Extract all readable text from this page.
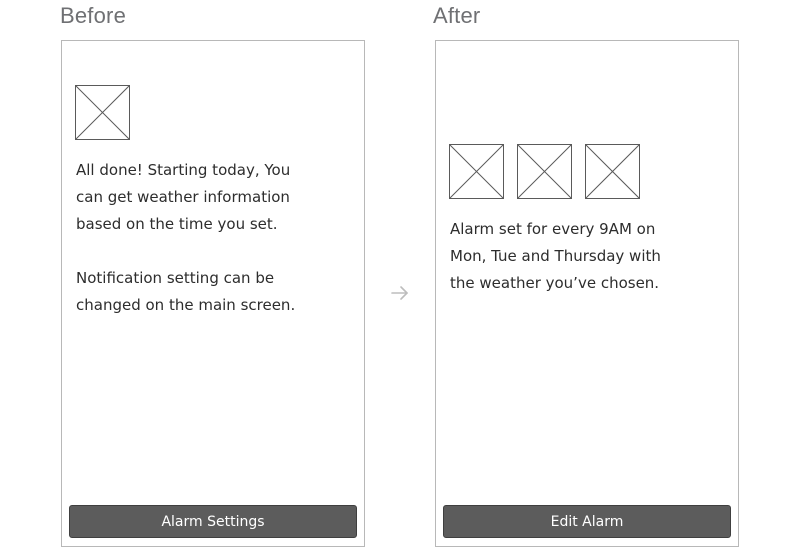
Before

All done! Starting today, You can get weather information based on the time you set.

Notification setting can be changed on the main screen.

Alarm Settings
After

Alarm set for every 9AM on Mon, Tue and Thursday with the weather you’ve chosen.

Edit Alarm
